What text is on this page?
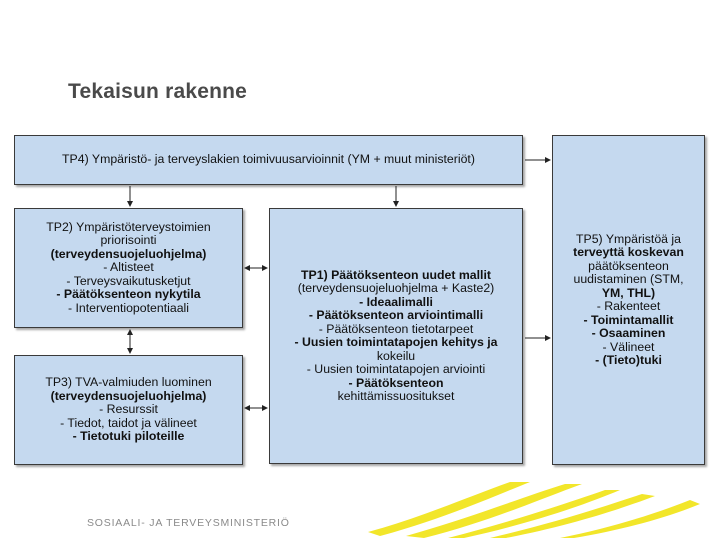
Tekaisun rakenne
TP4) Ympäristö- ja terveyslakien toimivuusarvioinnit (YM + muut ministeriöt)
TP2) Ympäristöterveystoimien
priorisointi
(terveydensuojeluohjelma)
- Altisteet
- Terveysvaikutusketjut
- Päätöksenteon nykytila
- Interventiopotentiaali
TP1) Päätöksenteon uudet mallit
(terveydensuojeluohjelma + Kaste2)
- Ideaalimalli
- Päätöksenteon arviointimalli
- Päätöksenteon tietotarpeet
- Uusien toimintatapojen kehitys ja
kokeilu
- Uusien toimintatapojen arviointi
- Päätöksenteon
kehittämissuositukset
TP3) TVA-valmiuden luominen
(terveydensuojeluohjelma)
- Resurssit
- Tiedot, taidot ja välineet
- Tietotuki piloteille
TP5) Ympäristöä ja
terveyttä koskevan
päätöksenteon
uudistaminen (STM,
YM, THL)
- Rakenteet
- Toimintamallit
- Osaaminen
- Välineet
- (Tieto)tuki
SOSIAALI- JA TERVEYSMINISTERIÖ
